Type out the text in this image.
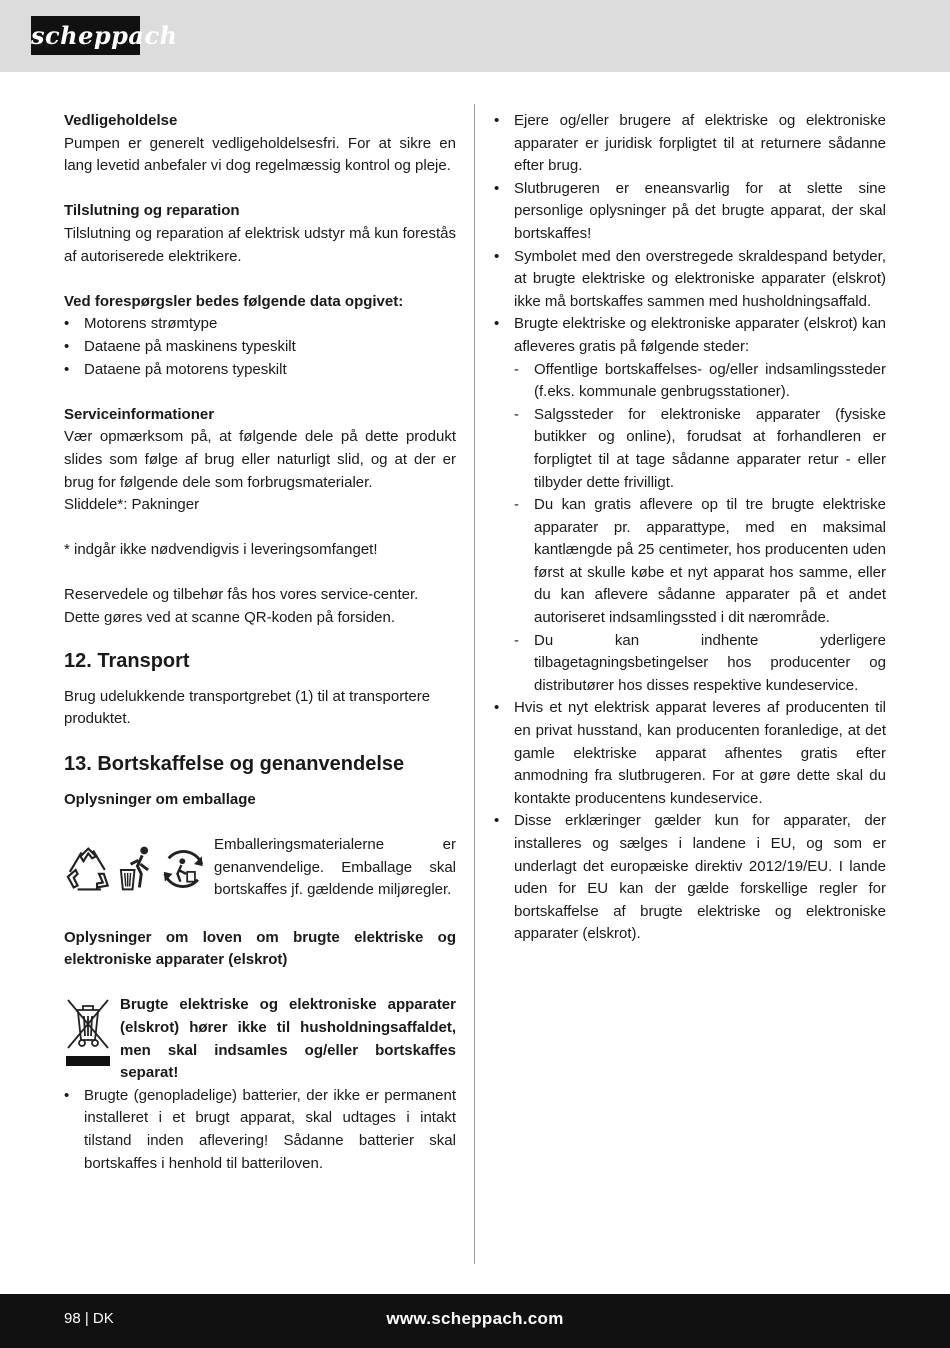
scheppach

Vedligeholdelse

Pumpen er generelt vedligeholdelsesfri. For at sikre en lang levetid anbefaler vi dog regelmæssig kontrol og pleje.

Tilslutning og reparation

Tilslutning og reparation af elektrisk udstyr må kun forestås af autoriserede elektrikere.

Ved forespørgsler bedes følgende data opgivet:

• Motorens strømtype
• Dataene på maskinens typeskilt
• Dataene på motorens typeskilt

Serviceinformationer

Vær opmærksom på, at følgende dele på dette produkt slides som følge af brug eller naturligt slid, og at der er brug for følgende dele som forbrugsmaterialer.

Sliddele*: Pakninger

* indgår ikke nødvendigvis i leveringsomfanget!

Reservedele og tilbehør fås hos vores service-center. Dette gøres ved at scanne QR-koden på forsiden.

12. Transport

Brug udelukkende transportgrebet (1) til at transportere produktet.

13. Bortskaffelse og genanvendelse

Oplysninger om emballage

Emballeringsmaterialerne er genanvendelige. Emballage skal bortskaffes jf. gældende miljøregler.

Oplysninger om loven om brugte elektriske og elektroniske apparater (elskrot)

Brugte elektriske og elektroniske apparater (elskrot) hører ikke til husholdningsaffaldet, men skal indsamles og/eller bortskaffes separat!

• Brugte (genopladelige) batterier, der ikke er permanent installeret i et brugt apparat, skal udtages i intakt tilstand inden aflevering! Sådanne batterier skal bortskaffes i henhold til batteriloven.
• Ejere og/eller brugere af elektriske og elektroniske apparater er juridisk forpligtet til at returnere sådanne efter brug.
• Slutbrugeren er eneansvarlig for at slette sine personlige oplysninger på det brugte apparat, der skal bortskaffes!
• Symbolet med den overstregede skraldespand betyder, at brugte elektriske og elektroniske apparater (elskrot) ikke må bortskaffes sammen med husholdningsaffald.
• Brugte elektriske og elektroniske apparater (elskrot) kan afleveres gratis på følgende steder:
- Offentlige bortskaffelses- og/eller indsamlingssteder (f.eks. kommunale genbrugsstationer).
- Salgssteder for elektroniske apparater (fysiske butikker og online), forudsat at forhandleren er forpligtet til at tage sådanne apparater retur - eller tilbyder dette frivilligt.
- Du kan gratis aflevere op til tre brugte elektriske apparater pr. apparattype, med en maksimal kantlængde på 25 centimeter, hos producenten uden først at skulle købe et nyt apparat hos samme, eller du kan aflevere sådanne apparater på et andet autoriseret indsamlingssted i dit nærområde.
- Du kan indhente yderligere tilbagetagningsbetingelser hos producenter og distributører hos disses respektive kundeservice.
• Hvis et nyt elektrisk apparat leveres af producenten til en privat husstand, kan producenten foranledige, at det gamle elektriske apparat afhentes gratis efter anmodning fra slutbrugeren. For at gøre dette skal du kontakte producentens kundeservice.
• Disse erklæringer gælder kun for apparater, der installeres og sælges i landene i EU, og som er underlagt det europæiske direktiv 2012/19/EU. I lande uden for EU kan der gælde forskellige regler for bortskaffelse af brugte elektriske og elektroniske apparater (elskrot).
98 | DK	www.scheppach.com
